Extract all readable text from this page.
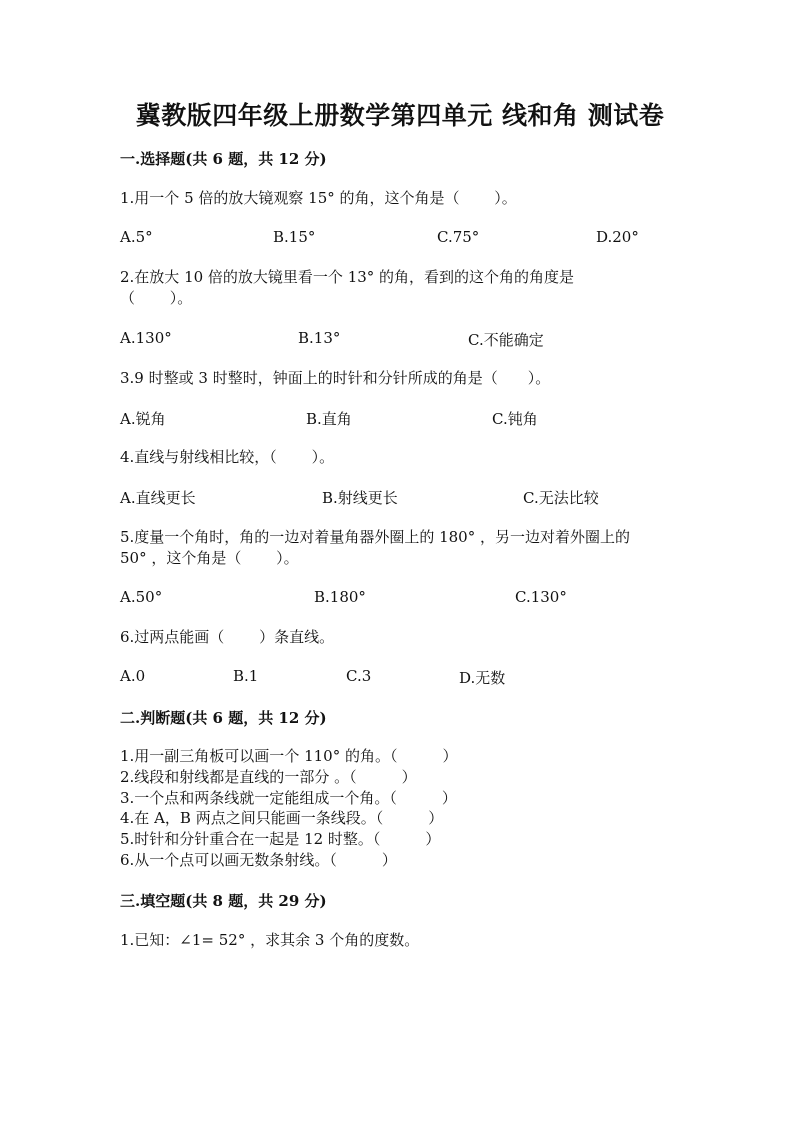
冀教版四年级上册数学第四单元 线和角 测试卷
一.选择题(共 6 题，共 12 分)
1.用一个 5 倍的放大镜观察 15° 的角，这个角是（　　 ）。
A.5°	B.15°	C.75°	D.20°
2.在放大 10 倍的放大镜里看一个 13° 的角，看到的这个角的角度是
（　　 ）。
A.130°	B.13°	C.不能确定
3.9 时整或 3 时整时，钟面上的时针和分针所成的角是（　　）。
A.锐角	B.直角	C.钝角
4.直线与射线相比较，（　　 ）。
A.直线更长	B.射线更长	C.无法比较
5.度量一个角时，角的一边对着量角器外圈上的 180° ，另一边对着外圈上的
50° ，这个角是（　　 ）。
A.50°	B.180°	C.130°
6.过两点能画（　　 ）条直线。
A.0	B.1	C.3	D.无数
二.判断题(共 6 题，共 12 分)
1.用一副三角板可以画一个 110° 的角。（　　　）
2.线段和射线都是直线的一部分 。（　　　）
3.一个点和两条线就一定能组成一个角。（　　　）
4.在 A，B 两点之间只能画一条线段。（　　　）
5.时针和分针重合在一起是 12 时整。（　　　）
6.从一个点可以画无数条射线。（　　　）
三.填空题(共 8 题，共 29 分)
1.已知：∠1= 52° ，求其余 3 个角的度数。
